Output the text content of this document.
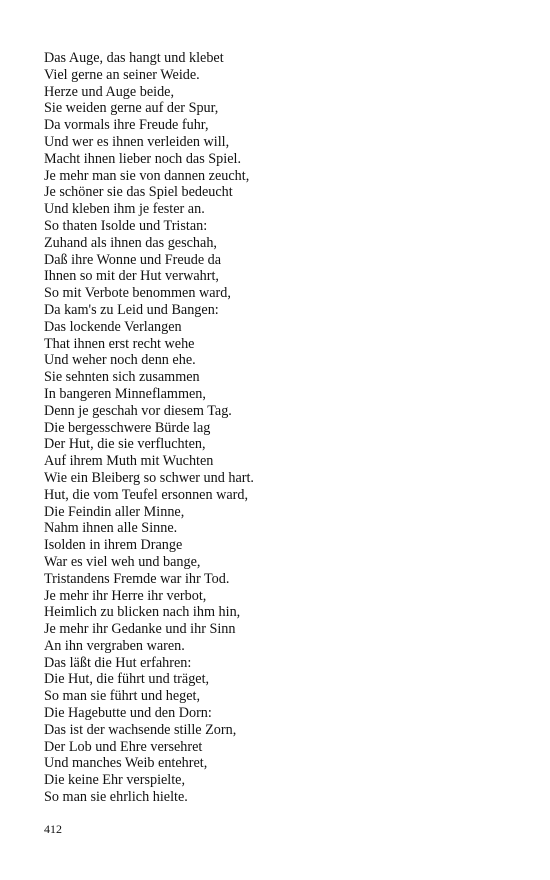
Das Auge, das hangt und klebet
Viel gerne an seiner Weide.
Herze und Auge beide,
Sie weiden gerne auf der Spur,
Da vormals ihre Freude fuhr,
Und wer es ihnen verleiden will,
Macht ihnen lieber noch das Spiel.
Je mehr man sie von dannen zeucht,
Je schöner sie das Spiel bedeucht
Und kleben ihm je fester an.
So thaten Isolde und Tristan:
Zuhand als ihnen das geschah,
Daß ihre Wonne und Freude da
Ihnen so mit der Hut verwahrt,
So mit Verbote benommen ward,
Da kam's zu Leid und Bangen:
Das lockende Verlangen
That ihnen erst recht wehe
Und weher noch denn ehe.
Sie sehnten sich zusammen
In bangeren Minneflammen,
Denn je geschah vor diesem Tag.
Die bergesschwere Bürde lag
Der Hut, die sie verfluchten,
Auf ihrem Muth mit Wuchten
Wie ein Bleiberg so schwer und hart.
Hut, die vom Teufel ersonnen ward,
Die Feindin aller Minne,
Nahm ihnen alle Sinne.
Isolden in ihrem Drange
War es viel weh und bange,
Tristandens Fremde war ihr Tod.
Je mehr ihr Herre ihr verbot,
Heimlich zu blicken nach ihm hin,
Je mehr ihr Gedanke und ihr Sinn
An ihn vergraben waren.
Das läßt die Hut erfahren:
Die Hut, die führt und träget,
So man sie führt und heget,
Die Hagebutte und den Dorn:
Das ist der wachsende stille Zorn,
Der Lob und Ehre versehret
Und manches Weib entehret,
Die keine Ehr verspielte,
So man sie ehrlich hielte.
412
